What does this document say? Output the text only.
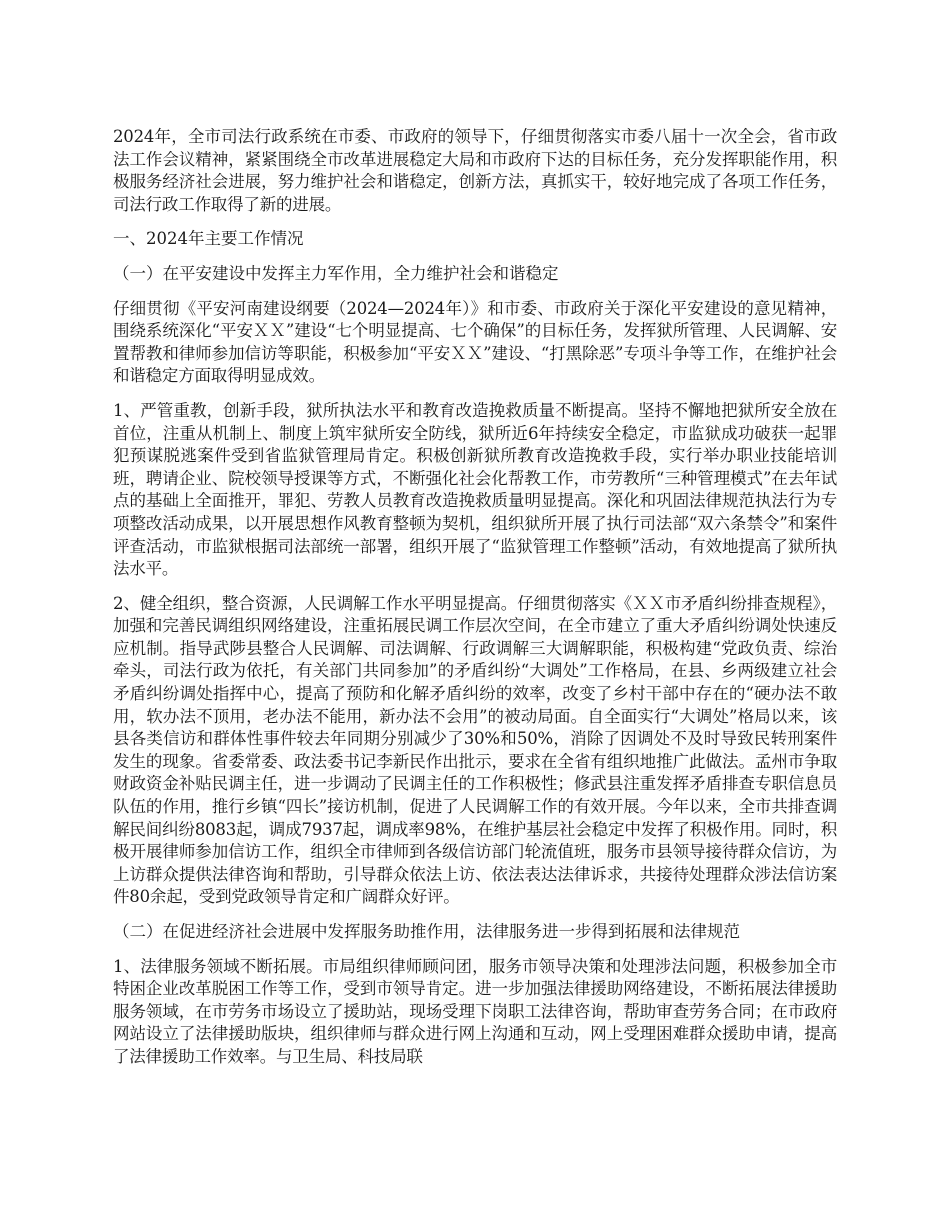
2024年，全市司法行政系统在市委、市政府的领导下，仔细贯彻落实市委八届十一次全会，省市政法工作会议精神，紧紧围绕全市改革进展稳定大局和市政府下达的目标任务，充分发挥职能作用，积极服务经济社会进展，努力维护社会和谐稳定，创新方法，真抓实干，较好地完成了各项工作任务，司法行政工作取得了新的进展。

一、2024年主要工作情况

（一）在平安建设中发挥主力军作用，全力维护社会和谐稳定

仔细贯彻《平安河南建设纲要（2024—2024年）》和市委、市政府关于深化平安建设的意见精神，围绕系统深化“平安ＸＸ”建设“七个明显提高、七个确保”的目标任务，发挥狱所管理、人民调解、安置帮教和律师参加信访等职能，积极参加“平安ＸＸ”建设、“打黑除恶”专项斗争等工作，在维护社会和谐稳定方面取得明显成效。

1、严管重教，创新手段，狱所执法水平和教育改造挽救质量不断提高。坚持不懈地把狱所安全放在首位，注重从机制上、制度上筑牢狱所安全防线，狱所近6年持续安全稳定，市监狱成功破获一起罪犯预谋脱逃案件受到省监狱管理局肯定。积极创新狱所教育改造挽救手段，实行举办职业技能培训班，聘请企业、院校领导授课等方式，不断强化社会化帮教工作，市劳教所“三种管理模式”在去年试点的基础上全面推开，罪犯、劳教人员教育改造挽救质量明显提高。深化和巩固法律规范执法行为专项整改活动成果，以开展思想作风教育整顿为契机，组织狱所开展了执行司法部“双六条禁令”和案件评查活动，市监狱根据司法部统一部署，组织开展了“监狱管理工作整顿”活动，有效地提高了狱所执法水平。

2、健全组织，整合资源，人民调解工作水平明显提高。仔细贯彻落实《ＸＸ市矛盾纠纷排查规程》，加强和完善民调组织网络建设，注重拓展民调工作层次空间，在全市建立了重大矛盾纠纷调处快速反应机制。指导武陟县整合人民调解、司法调解、行政调解三大调解职能，积极构建“党政负责、综治牵头，司法行政为依托，有关部门共同参加”的矛盾纠纷“大调处”工作格局，在县、乡两级建立社会矛盾纠纷调处指挥中心，提高了预防和化解矛盾纠纷的效率，改变了乡村干部中存在的“硬办法不敢用，软办法不顶用，老办法不能用，新办法不会用”的被动局面。自全面实行“大调处”格局以来，该县各类信访和群体性事件较去年同期分别减少了30%和50%，消除了因调处不及时导致民转刑案件发生的现象。省委常委、政法委书记李新民作出批示，要求在全省有组织地推广此做法。孟州市争取财政资金补贴民调主任，进一步调动了民调主任的工作积极性；修武县注重发挥矛盾排查专职信息员队伍的作用，推行乡镇“四长”接访机制，促进了人民调解工作的有效开展。今年以来，全市共排查调解民间纠纷8083起，调成7937起，调成率98%，在维护基层社会稳定中发挥了积极作用。同时，积极开展律师参加信访工作，组织全市律师到各级信访部门轮流值班，服务市县领导接待群众信访，为上访群众提供法律咨询和帮助，引导群众依法上访、依法表达法律诉求，共接待处理群众涉法信访案件80余起，受到党政领导肯定和广阔群众好评。

（二）在促进经济社会进展中发挥服务助推作用，法律服务进一步得到拓展和法律规范

1、法律服务领域不断拓展。市局组织律师顾问团，服务市领导决策和处理涉法问题，积极参加全市特困企业改革脱困工作等工作，受到市领导肯定。进一步加强法律援助网络建设，不断拓展法律援助服务领域，在市劳务市场设立了援助站，现场受理下岗职工法律咨询，帮助审查劳务合同；在市政府网站设立了法律援助版块，组织律师与群众进行网上沟通和互动，网上受理困难群众援助申请，提高了法律援助工作效率。与卫生局、科技局联
